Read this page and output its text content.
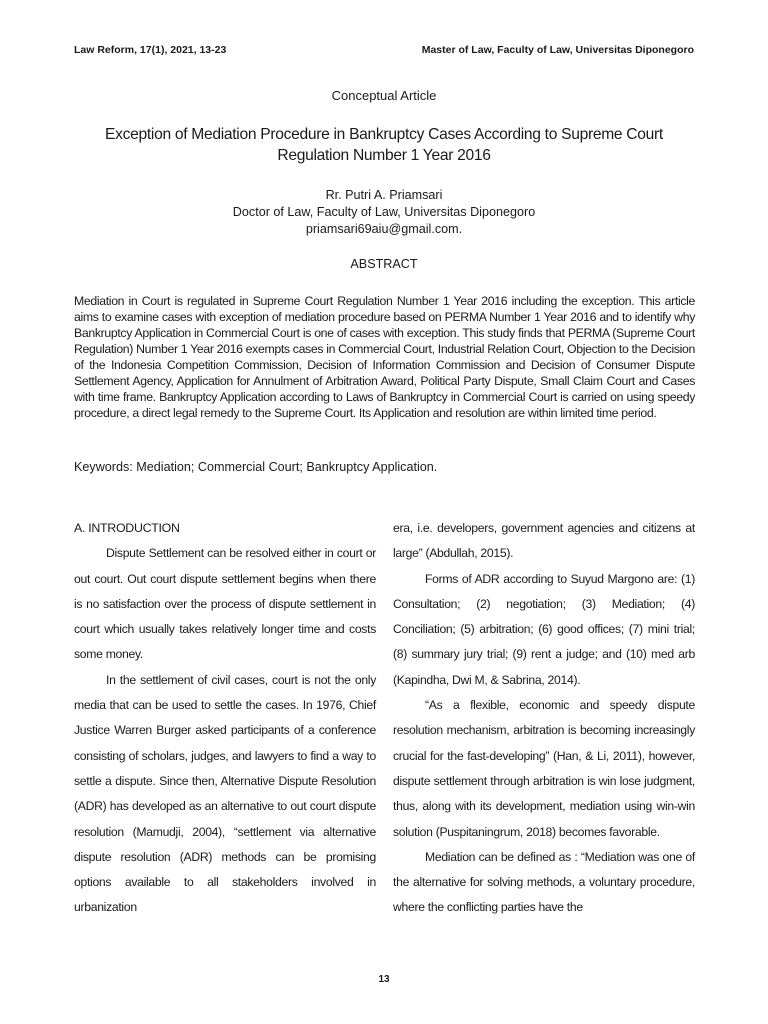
Law Reform, 17(1), 2021, 13-23	Master of Law, Faculty of Law, Universitas Diponegoro
Conceptual Article
Exception of Mediation Procedure in Bankruptcy Cases According to Supreme Court Regulation Number 1 Year 2016
Rr. Putri A. Priamsari
Doctor of Law, Faculty of Law, Universitas Diponegoro
priamsari69aiu@gmail.com.
ABSTRACT
Mediation in Court is regulated in Supreme Court Regulation Number 1 Year 2016 including the exception. This article aims to examine cases with exception of mediation procedure based on PERMA Number 1 Year 2016 and to identify why Bankruptcy Application in Commercial Court is one of cases with exception. This study finds that PERMA (Supreme Court Regulation) Number 1 Year 2016 exempts cases in Commercial Court, Industrial Relation Court, Objection to the Decision of the Indonesia Competition Commission, Decision of Information Commission and Decision of Consumer Dispute Settlement Agency, Application for Annulment of Arbitration Award, Political Party Dispute, Small Claim Court and Cases with time frame. Bankruptcy Application according to Laws of Bankruptcy in Commercial Court is carried on using speedy procedure, a direct legal remedy to the Supreme Court. Its Application and resolution are within limited time period.
Keywords: Mediation; Commercial Court; Bankruptcy Application.
A. INTRODUCTION

Dispute Settlement can be resolved either in court or out court. Out court dispute settlement begins when there is no satisfaction over the process of dispute settlement in court which usually takes relatively longer time and costs some money.

In the settlement of civil cases, court is not the only media that can be used to settle the cases. In 1976, Chief Justice Warren Burger asked participants of a conference consisting of scholars, judges, and lawyers to find a way to settle a dispute. Since then, Alternative Dispute Resolution (ADR) has developed as an alternative to out court dispute resolution (Mamudji, 2004), “settlement via alternative dispute resolution (ADR) methods can be promising options available to all stakeholders involved in urbanization

era, i.e. developers, government agencies and citizens at large” (Abdullah, 2015).

Forms of ADR according to Suyud Margono are: (1) Consultation; (2) negotiation; (3) Mediation; (4) Conciliation; (5) arbitration; (6) good offices; (7) mini trial; (8) summary jury trial; (9) rent a judge; and (10) med arb (Kapindha, Dwi M, & Sabrina, 2014).

“As a flexible, economic and speedy dispute resolution mechanism, arbitration is becoming increasingly crucial for the fast-developing” (Han, & Li, 2011), however, dispute settlement through arbitration is win lose judgment, thus, along with its development, mediation using win-win solution (Puspitaningrum, 2018) becomes favorable.

Mediation can be defined as : “Mediation was one of the alternative for solving methods, a voluntary procedure, where the conflicting parties have the

13
